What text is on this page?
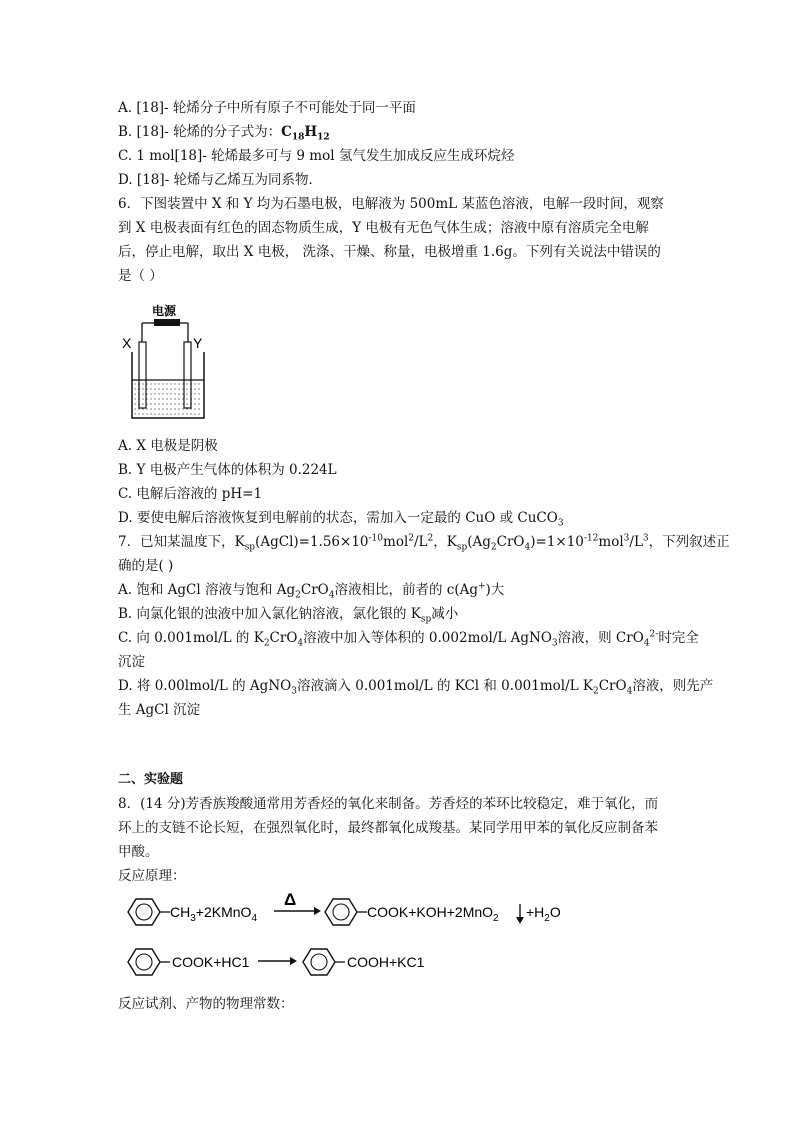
A. [18]- 轮烯分子中所有原子不可能处于同一平面
B. [18]- 轮烯的分子式为：$C_{18}H_{12}$
C. 1 mol[18]- 轮烯最多可与 9 mol 氢气发生加成反应生成环烷烃
D. [18]- 轮烯与乙烯互为同系物．
6．下图装置中 X 和 Y 均为石墨电极，电解液为 500mL 某蓝色溶液，电解一段时间，观察
到 X 电极表面有红色的固态物质生成，Y 电极有无色气体生成；溶液中原有溶质完全电解
后，停止电解，取出 X 电极， 洗涤、干燥、称量，电极增重 1.6g。下列有关说法中错误的
是（ ）
电源
X	Y
A. X 电极是阴极
B. Y 电极产生气体的体积为 0.224L
C. 电解后溶液的 pH=1
D. 要使电解后溶液恢复到电解前的状态，需加入一定最的 CuO 或 CuCO$_3$
7．已知某温度下，$K_{sp}(AgCl)=1.56\times 10^{-10}mol^2/L^2$，$K_{sp}(Ag_2CrO_4)=1\times 10^{-12}mol^3/L^3$，下列叙述正
确的是( )
A. 饱和 AgCl 溶液与饱和 $Ag_2CrO_4$溶液相比，前者的 c(Ag+)大
B. 向氯化银的浊液中加入氯化钠溶液，氯化银的 $K_{sp}$减小
C. 向 0.001mol/L 的 $K_2CrO_4$溶液中加入等体积的 0.002mol/L AgNO$_3$溶液，则 CrO$_4^{2-}$时完全
沉淀
D. 将 0.00lmol/L 的 AgNO$_3$溶液滴入 0.001mol/L 的 KCl 和 0.001mol/L $K_2CrO_4$溶液，则先产
生 AgCl 沉淀
二、实验题
8．(14 分)芳香族羧酸通常用芳香烃的氧化来制备。芳香烃的苯环比较稳定，难于氧化，而
环上的支链不论长短，在强烈氧化时，最终都氧化成羧基。某同学用甲苯的氧化反应制备苯
甲酸。
反应原理：
$CH_3+2KMnO_4$
Δ
COOK+KOH+2MnO$_2$ $+H_2O$
COOK+HC1	COOH+KC1
反应试剂、产物的物理常数：
